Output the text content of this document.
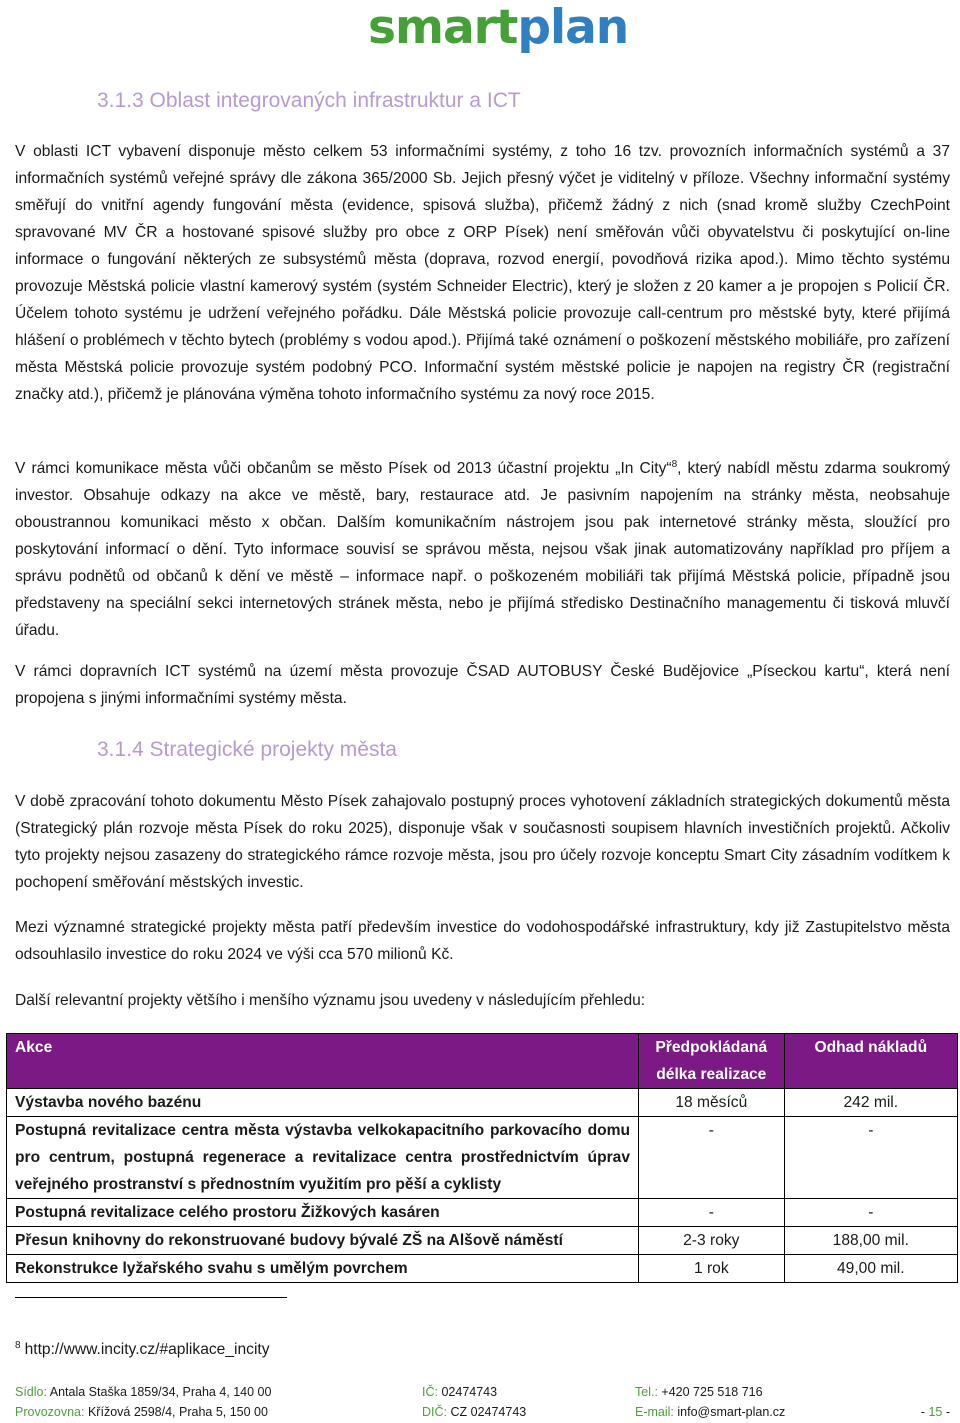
smartplan
3.1.3 Oblast integrovaných infrastruktur a ICT

V oblasti ICT vybavení disponuje město celkem 53 informačními systémy, z toho 16 tzv. provozních informačních systémů a 37 informačních systémů veřejné správy dle zákona 365/2000 Sb. Jejich přesný výčet je viditelný v příloze. Všechny informační systémy směřují do vnitřní agendy fungování města (evidence, spisová služba), přičemž žádný z nich (snad kromě služby CzechPoint spravované MV ČR a hostované spisové služby pro obce z ORP Písek) není směřován vůči obyvatelstvu či poskytující on-line informace o fungování některých ze subsystémů města (doprava, rozvod energií, povodňová rizika apod.). Mimo těchto systému provozuje Městská policie vlastní kamerový systém (systém Schneider Electric), který je složen z 20 kamer a je propojen s Policií ČR. Účelem tohoto systému je udržení veřejného pořádku. Dále Městská policie provozuje call-centrum pro městské byty, které přijímá hlášení o problémech v těchto bytech (problémy s vodou apod.). Přijímá také oznámení o poškození městského mobiliáře, pro zařízení města Městská policie provozuje systém podobný PCO. Informační systém městské policie je napojen na registry ČR (registrační značky atd.), přičemž je plánována výměna tohoto informačního systému za nový roce 2015.

V rámci komunikace města vůči občanům se město Písek od 2013 účastní projektu „In City“$^8$, který nabídl městu zdarma soukromý investor. Obsahuje odkazy na akce ve městě, bary, restaurace atd. Je pasivním napojením na stránky města, neobsahuje oboustrannou komunikaci město x občan. Dalším komunikačním nástrojem jsou pak internetové stránky města, sloužící pro poskytování informací o dění. Tyto informace souvisí se správou města, nejsou však jinak automatizovány například pro příjem a správu podnětů od občanů k dění ve městě – informace např. o poškozeném mobiliáři tak přijímá Městská policie, případně jsou představeny na speciální sekci internetových stránek města, nebo je přijímá středisko Destinačního managementu či tisková mluvčí úřadu.

V rámci dopravních ICT systémů na území města provozuje ČSAD AUTOBUSY České Budějovice „Píseckou kartu“, která není propojena s jinými informačními systémy města.

3.1.4 Strategické projekty města

V době zpracování tohoto dokumentu Město Písek zahajovalo postupný proces vyhotovení základních strategických dokumentů města (Strategický plán rozvoje města Písek do roku 2025), disponuje však v současnosti soupisem hlavních investičních projektů. Ačkoliv tyto projekty nejsou zasazeny do strategického rámce rozvoje města, jsou pro účely rozvoje konceptu Smart City zásadním vodítkem k pochopení směřování městských investic.

Mezi významné strategické projekty města patří především investice do vodohospodářské infrastruktury, kdy již Zastupitelstvo města odsouhlasilo investice do roku 2024 ve výši cca 570 milionů Kč.

Další relevantní projekty většího i menšího významu jsou uvedeny v následujícím přehledu:

Akce	Předpokládaná délka realizace	Odhad nákladů
Výstavba nového bazénu	18 měsíců	242 mil.
Postupná revitalizace centra města výstavba velkokapacitního parkovacího domu pro centrum, postupná regenerace a revitalizace centra prostřednictvím úprav veřejného prostranství s přednostním využitím pro pěší a cyklisty	-	-
Postupná revitalizace celého prostoru Žižkových kasáren	-	-
Přesun knihovny do rekonstruované budovy bývalé ZŠ na Alšově náměstí	2-3 roky	188,00 mil.
Rekonstrukce lyžařského svahu s umělým povrchem	1 rok	49,00 mil.
$^8$ http://www.incity.cz/#aplikace_incity
Sídlo: Antala Staška 1859/34, Praha 4, 140 00	IČ: 02474743	Tel.: +420 725 518 716
Provozovna: Křížová 2598/4, Praha 5, 150 00	DIČ: CZ 02474743	E-mail: info@smart-plan.cz	- 15 -
